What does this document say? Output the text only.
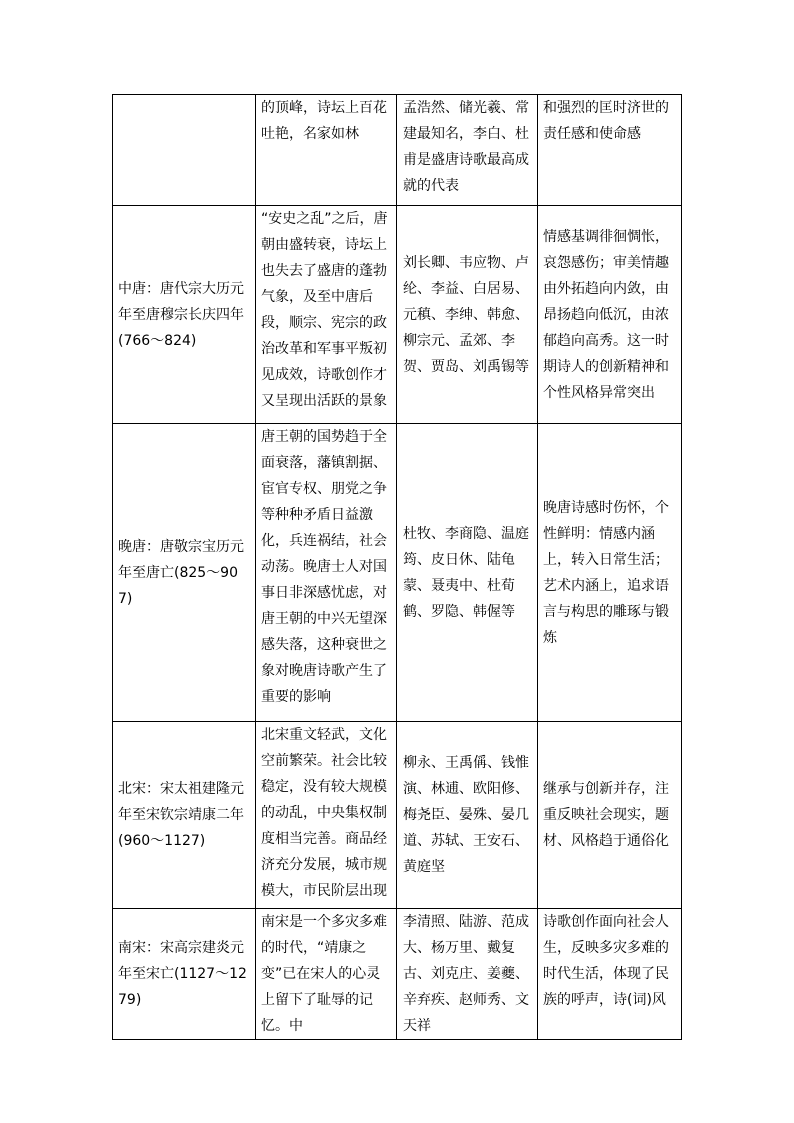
	的顶峰，诗坛上百花吐艳，名家如林	孟浩然、储光羲、常建最知名，李白、杜甫是盛唐诗歌最高成就的代表	和强烈的匡时济世的责任感和使命感
中唐：唐代宗大历元年至唐穆宗长庆四年(766～824)	“安史之乱”之后，唐朝由盛转衰，诗坛上也失去了盛唐的蓬勃气象，及至中唐后段，顺宗、宪宗的政治改革和军事平叛初见成效，诗歌创作才又呈现出活跃的景象	刘长卿、韦应物、卢纶、李益、白居易、元稹、李绅、韩愈、柳宗元、孟郊、李贺、贾岛、刘禹锡等	情感基调徘徊惆怅，哀怨感伤；审美情趣由外拓趋向内敛，由昂扬趋向低沉，由浓郁趋向高秀。这一时期诗人的创新精神和个性风格异常突出
晚唐：唐敬宗宝历元年至唐亡(825～907)	唐王朝的国势趋于全面衰落，藩镇割据、宦官专权、朋党之争等种种矛盾日益激化，兵连祸结，社会动荡。晚唐士人对国事日非深感忧虑，对唐王朝的中兴无望深感失落，这种衰世之象对晚唐诗歌产生了重要的影响	杜牧、李商隐、温庭筠、皮日休、陆龟蒙、聂夷中、杜荀鹤、罗隐、韩偓等	晚唐诗感时伤怀，个性鲜明：情感内涵上，转入日常生活；艺术内涵上，追求语言与构思的雕琢与锻炼
北宋：宋太祖建隆元年至宋钦宗靖康二年(960～1127)	北宋重文轻武，文化空前繁荣。社会比较稳定，没有较大规模的动乱，中央集权制度相当完善。商品经济充分发展，城市规模大，市民阶层出现	柳永、王禹偁、钱惟演、林逋、欧阳修、梅尧臣、晏殊、晏几道、苏轼、王安石、黄庭坚	继承与创新并存，注重反映社会现实，题材、风格趋于通俗化
南宋：宋高宗建炎元年至宋亡(1127～1279)	南宋是一个多灾多难的时代，“靖康之变”已在宋人的心灵上留下了耻辱的记忆。中	李清照、陆游、范成大、杨万里、戴复古、刘克庄、姜夔、辛弃疾、赵师秀、文天祥	诗歌创作面向社会人生，反映多灾多难的时代生活，体现了民族的呼声，诗(词)风
